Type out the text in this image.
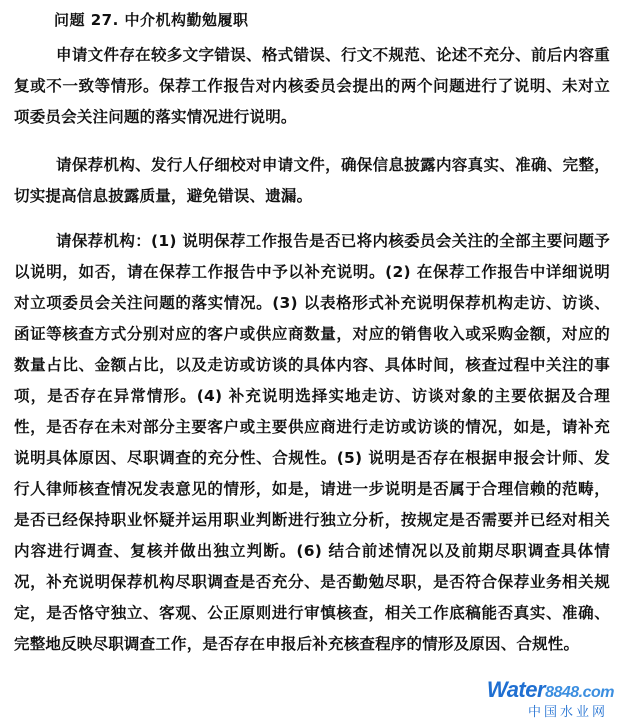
问题 27. 中介机构勤勉履职
申请文件存在较多文字错误、格式错误、行文不规范、论述不充分、前后内容重复或不一致等情形。保荐工作报告对内核委员会提出的两个问题进行了说明、未对立项委员会关注问题的落实情况进行说明。
请保荐机构、发行人仔细校对申请文件，确保信息披露内容真实、准确、完整，切实提高信息披露质量，避免错误、遗漏。
请保荐机构：(1) 说明保荐工作报告是否已将内核委员会关注的全部主要问题予以说明，如否，请在保荐工作报告中予以补充说明。(2) 在保荐工作报告中详细说明对立项委员会关注问题的落实情况。(3) 以表格形式补充说明保荐机构走访、访谈、函证等核查方式分别对应的客户或供应商数量，对应的销售收入或采购金额，对应的数量占比、金额占比，以及走访或访谈的具体内容、具体时间，核查过程中关注的事项，是否存在异常情形。(4) 补充说明选择实地走访、访谈对象的主要依据及合理性，是否存在未对部分主要客户或主要供应商进行走访或访谈的情况，如是，请补充说明具体原因、尽职调查的充分性、合规性。(5) 说明是否存在根据申报会计师、发行人律师核查情况发表意见的情形，如是，请进一步说明是否属于合理信赖的范畴，是否已经保持职业怀疑并运用职业判断进行独立分析，按规定是否需要并已经对相关内容进行调查、复核并做出独立判断。(6) 结合前述情况以及前期尽职调查具体情况，补充说明保荐机构尽职调查是否充分、是否勤勉尽职，是否符合保荐业务相关规定，是否恪守独立、客观、公正原则进行审慎核查，相关工作底稿能否真实、准确、完整地反映尽职调查工作，是否存在申报后补充核查程序的情形及原因、合规性。
Water8848.com
中国水业网
